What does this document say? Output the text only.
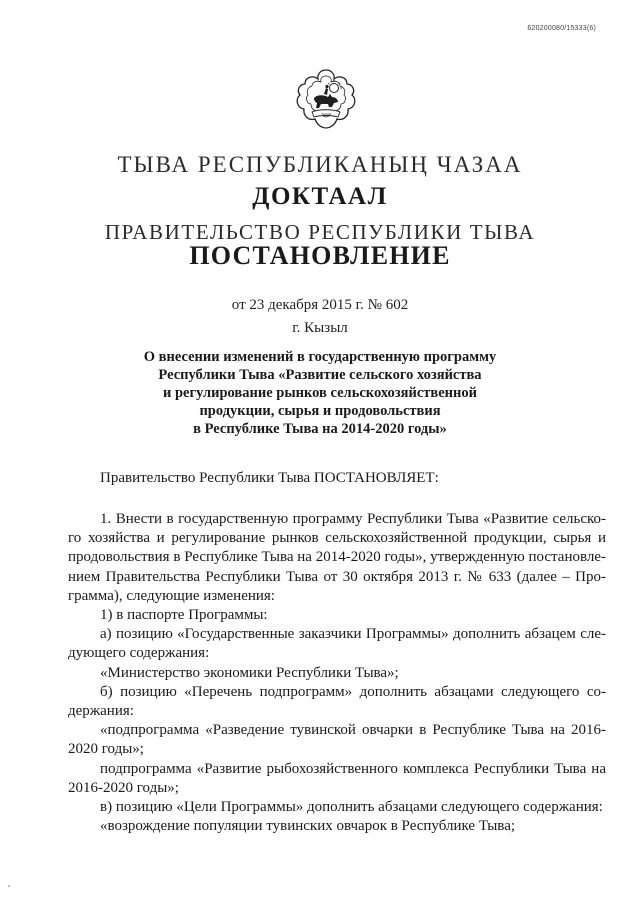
620200080/15333(6)
ТЫВА
ТЫВА РЕСПУБЛИКАНЫҢ ЧАЗАА
ДОКТААЛ
ПРАВИТЕЛЬСТВО РЕСПУБЛИКИ ТЫВА
ПОСТАНОВЛЕНИЕ
от 23 декабря 2015 г. № 602
г. Кызыл
О внесении изменений в государственную программу
Республики Тыва «Развитие сельского хозяйства
и регулирование рынков сельскохозяйственной
продукции, сырья и продовольствия
в Республике Тыва на 2014-2020 годы»
Правительство Республики Тыва ПОСТАНОВЛЯЕТ:

1. Внести в государственную программу Республики Тыва «Развитие сельско-

го хозяйства и регулирование рынков сельскохозяйственной продукции, сырья и

продовольствия в Республике Тыва на 2014-2020 годы», утвержденную постановле-

нием Правительства Республики Тыва от 30 октября 2013 г. № 633 (далее – Про-

грамма), следующие изменения:

1) в паспорте Программы:

а) позицию «Государственные заказчики Программы» дополнить абзацем сле-

дующего содержания:

«Министерство экономики Республики Тыва»;

б) позицию «Перечень подпрограмм» дополнить абзацами следующего со-

держания:

«подпрограмма «Разведение тувинской овчарки в Республике Тыва на 2016-

2020 годы»;

подпрограмма «Развитие рыбохозяйственного комплекса Республики Тыва на

2016-2020 годы»;

в) позицию «Цели Программы» дополнить абзацами следующего содержания:

«возрождение популяции тувинских овчарок в Республике Тыва;
